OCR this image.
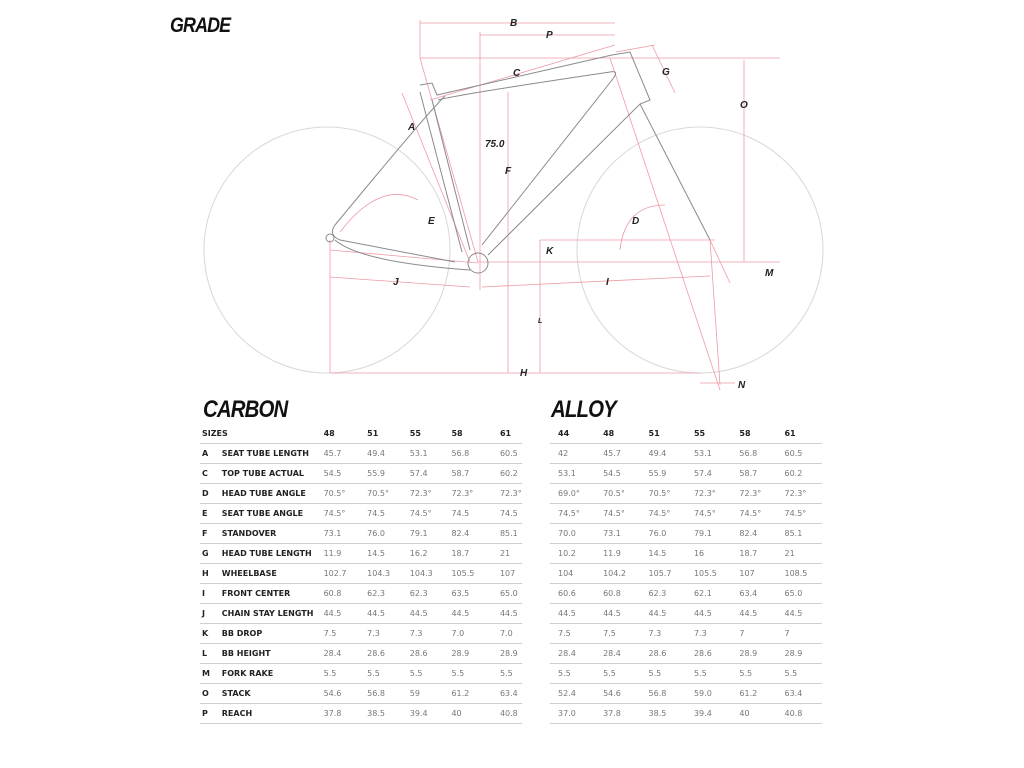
GRADE	B
P
C	G
O
A
75.0
F
E	D
K
J	I
M
L
H
N
CARBON	ALLOY
SIZES		48	51	55	58	61
A	SEAT TUBE LENGTH	45.7	49.4	53.1	56.8	60.5
C	TOP TUBE ACTUAL	54.5	55.9	57.4	58.7	60.2
D	HEAD TUBE ANGLE	70.5°	70.5°	72.3°	72.3°	72.3°
E	SEAT TUBE ANGLE	74.5°	74.5	74.5°	74.5	74.5
F	STANDOVER	73.1	76.0	79.1	82.4	85.1
G	HEAD TUBE LENGTH	11.9	14.5	16.2	18.7	21
H	WHEELBASE	102.7	104.3	104.3	105.5	107
I	FRONT CENTER	60.8	62.3	62.3	63.5	65.0
J	CHAIN STAY LENGTH	44.5	44.5	44.5	44.5	44.5
K	BB DROP	7.5	7.3	7.3	7.0	7.0
L	BB HEIGHT	28.4	28.6	28.6	28.9	28.9
M	FORK RAKE	5.5	5.5	5.5	5.5	5.5
O	STACK	54.6	56.8	59	61.2	63.4
P	REACH	37.8	38.5	39.4	40	40.8
44	48	51	55	58	61
42	45.7	49.4	53.1	56.8	60.5
53.1	54.5	55.9	57.4	58.7	60.2
69.0°	70.5°	70.5°	72.3°	72.3°	72.3°
74.5°	74.5°	74.5°	74.5°	74.5°	74.5°
70.0	73.1	76.0	79.1	82.4	85.1
10.2	11.9	14.5	16	18.7	21
104	104.2	105.7	105.5	107	108.5
60.6	60.8	62.3	62.1	63.4	65.0
44.5	44.5	44.5	44.5	44.5	44.5
7.5	7.5	7.3	7.3	7	7
28.4	28.4	28.6	28.6	28.9	28.9
5.5	5.5	5.5	5.5	5.5	5.5
52.4	54.6	56.8	59.0	61.2	63.4
37.0	37.8	38.5	39.4	40	40.8
